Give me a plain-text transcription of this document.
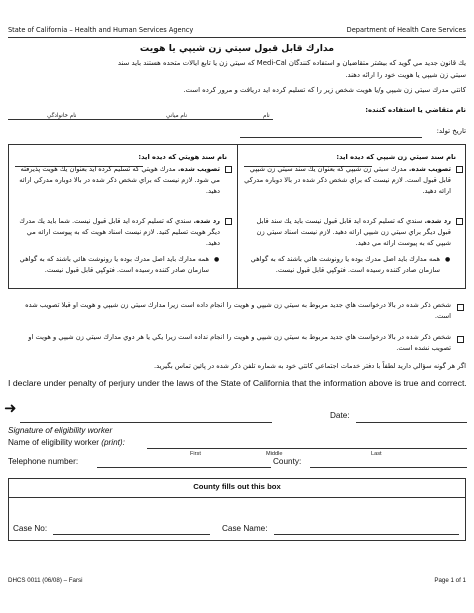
State of California – Health and Human Services Agency	Department of Health Care Services
مدارك قابل قبول سيتي زن شيپي يا هويت
يك قانون جديد مي گويد كه بيشتر متقاضيان و استفاده كنندگان Medi-Cal كه سيتي زن يا تابع ايالات متحده هستند بايد سند
سيتي زن شيپي يا هويت خود را ارائه دهند.
كانتي مدرك سيتي زن شيپي و/يا هويت شخص زير را كه تسليم كرده ايد دريافت و مرور كرده است.
نام متقاضي يا استفاده كننده:
نام خانوادگي	نام مياني	نام
تاريخ تولد:
نام سند سيتي زن شيپي كه ديده ايد:
تصويب شده. مدرك سيتي زن شيپي كه بعنوان يك سند سيتي زن شيپي قابل قبول است. لازم نيست كه براي شخص ذكر شده در بالا دوباره مدركي ارائه دهيد.
رد شده. سندي كه تسليم كرده ايد قابل قبول نيست بايد يك سند قابل قبول ديگر براي سيتي زن شيپي ارائه دهيد. لازم نيست اسناد سيتي زن شيپي كه به پيوست ارائه مي دهيد.
همه مدارك بايد اصل مدرك بوده يا رونوشت هائي باشند كه به گواهي سازمان صادر كننده رسيده است. فتوكپي قابل قبول نيست.
●
نام سند هويتي كه ديده ايد:
تصويب شده. مدرك هويتي كه تسليم كرده ايد بعنوان يك هويت پذيرفته مي شود. لازم نيست كه براي شخص ذكر شده در بالا دوباره مدركي ارائه دهيد.
رد شده. سندي كه تسليم كرده ايد قابل قبول نيست. شما بايد يك مدرك ديگر هويت تسليم كنيد. لازم نيست اسناد هويت كه به پيوست ارائه مي دهيد.
همه مدارك بايد اصل مدرك بوده يا رونوشت هائي باشند كه به گواهي سازمان صادر كننده رسيده است. فتوكپي قابل قبول نيست.
●
شخص ذكر شده در بالا درخواست هاي جديد مربوط به سيتي زن شيپي و هويت را انجام داده است زيرا مدارك سيتي زن شيپي و هويت او قبلا تصويب شده است.
شخص ذكر شده در بالا درخواست هاي جديد مربوط به سيتي زن شيپي و هويت را انجام نداده است زيرا يكي يا هر دوي مدارك سيتي زن شيپي و هويت او تصويب نشده است.
اگر هر گونه سؤالي داريد لطفاً با دفتر خدمات اجتماعي كانتي خود به شماره تلفن ذكر شده در پائين تماس بگيريد.
I declare under penalty of perjury under the laws of the State of California that the information above is true and correct.
➜
Signature of eligibility worker
Date:
Name of eligibility worker (print):
First	Middle	Last
Telephone number:	County:
County fills out this box
Case No:	Case Name:
DHCS 0011 (06/08) – Farsi	Page 1 of 1
